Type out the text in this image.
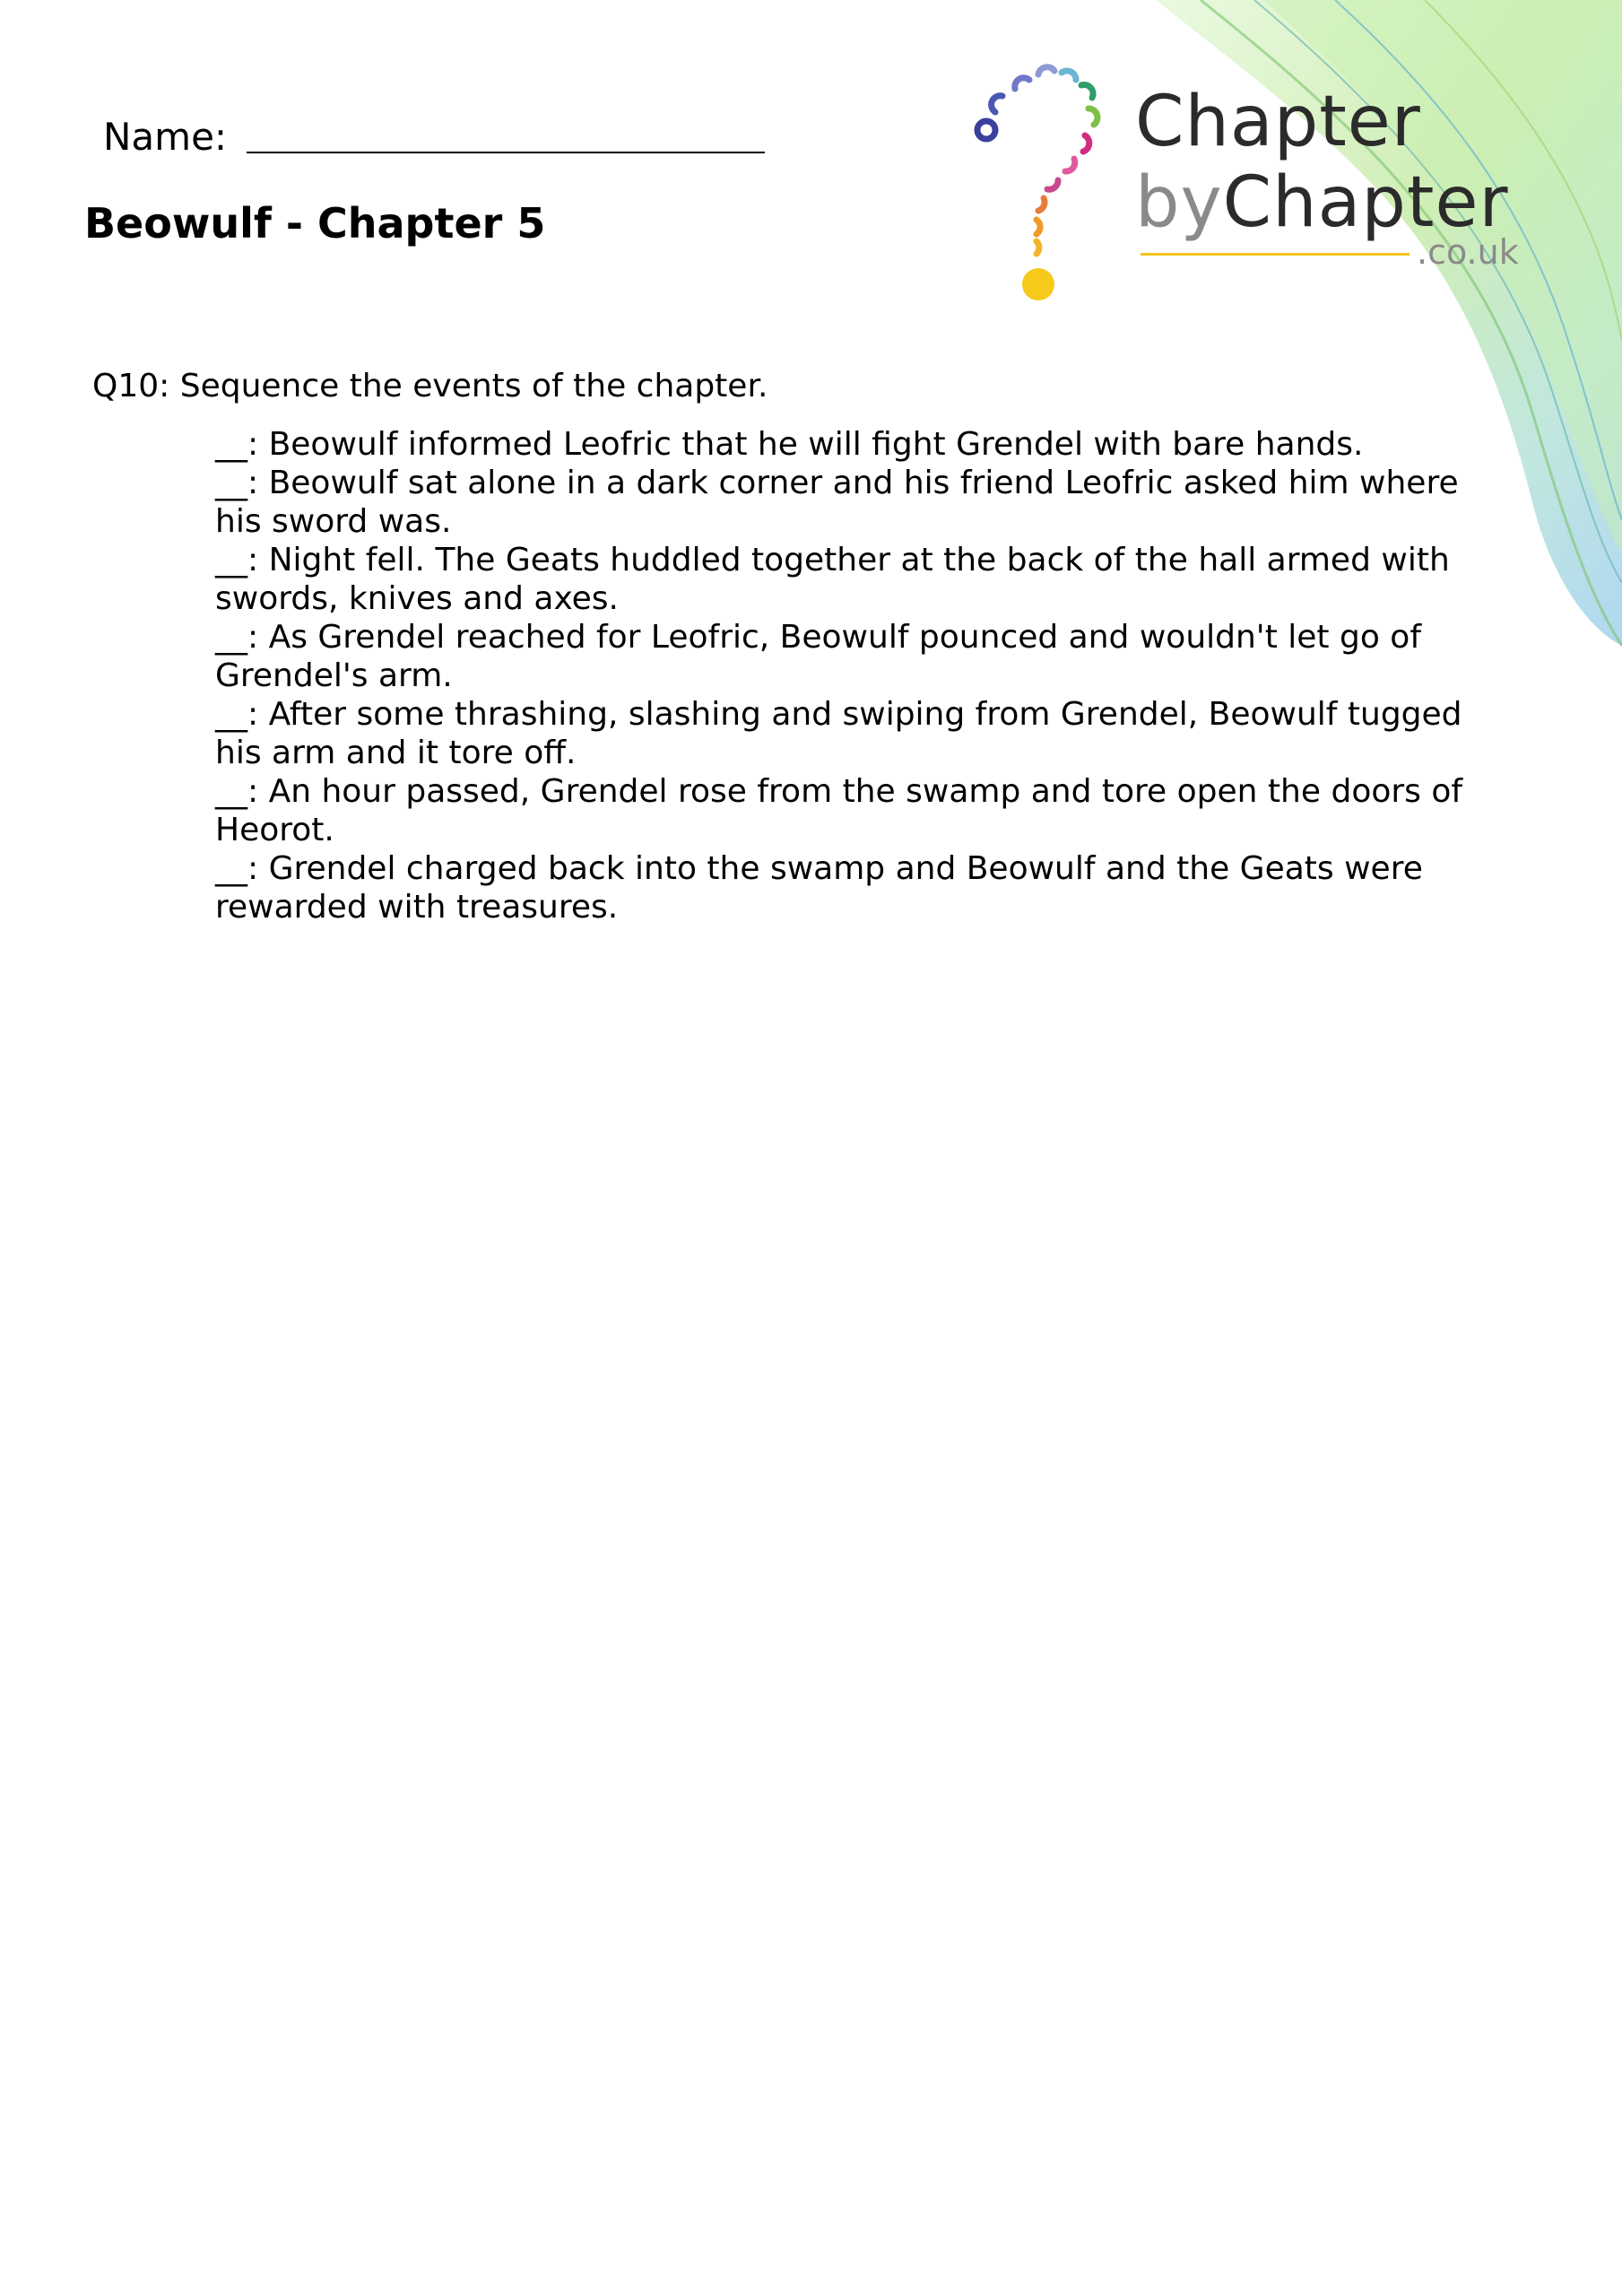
Name:
Beowulf - Chapter 5
Chapter
byChapter
.co.uk

Q10: Sequence the events of the chapter.

__: Beowulf informed Leofric that he will fight Grendel with bare hands.
__: Beowulf sat alone in a dark corner and his friend Leofric asked him where his sword was.
__: Night fell. The Geats huddled together at the back of the hall armed with swords, knives and axes.
__: As Grendel reached for Leofric, Beowulf pounced and wouldn't let go of Grendel's arm.
__: After some thrashing, slashing and swiping from Grendel, Beowulf tugged his arm and it tore off.
__: An hour passed, Grendel rose from the swamp and tore open the doors of Heorot.
__: Grendel charged back into the swamp and Beowulf and the Geats were rewarded with treasures.
